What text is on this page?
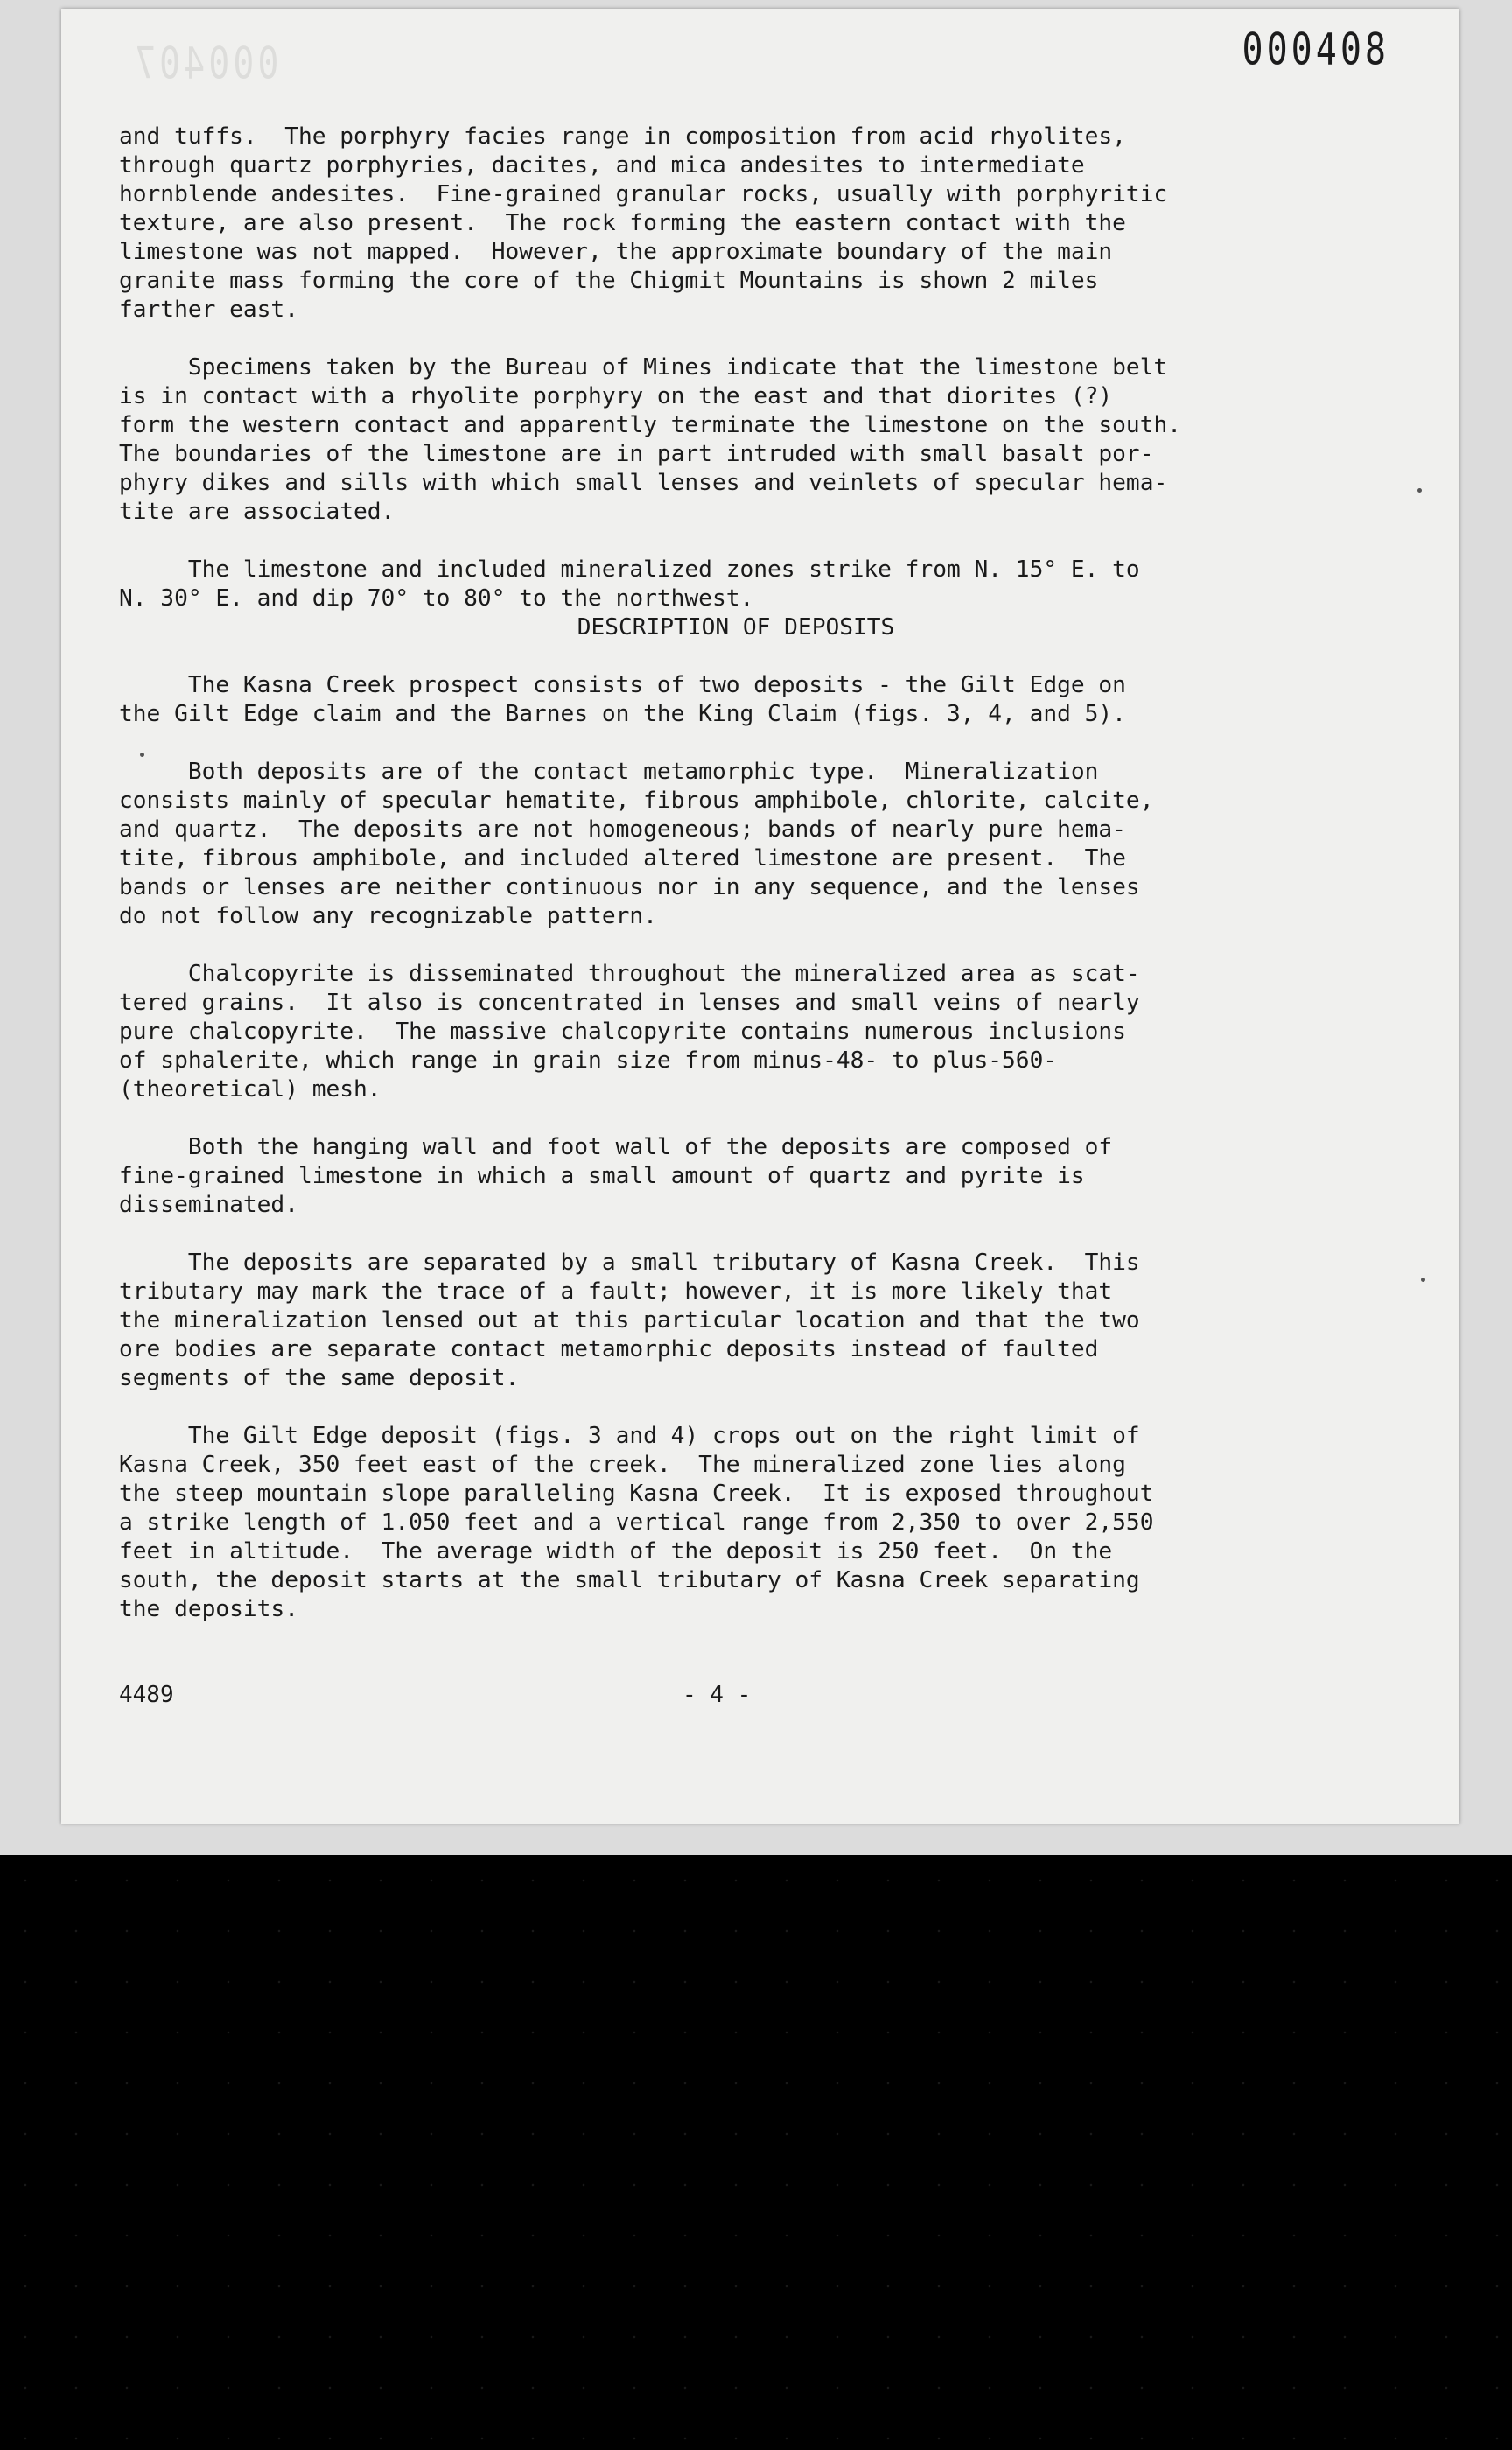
000407	000408
and tuffs.  The porphyry facies range in composition from acid rhyolites,
through quartz porphyries, dacites, and mica andesites to intermediate
hornblende andesites.  Fine-grained granular rocks, usually with porphyritic
texture, are also present.  The rock forming the eastern contact with the
limestone was not mapped.  However, the approximate boundary of the main
granite mass forming the core of the Chigmit Mountains is shown 2 miles
farther east.
Specimens taken by the Bureau of Mines indicate that the limestone belt
is in contact with a rhyolite porphyry on the east and that diorites (?)
form the western contact and apparently terminate the limestone on the south.
The boundaries of the limestone are in part intruded with small basalt por-
phyry dikes and sills with which small lenses and veinlets of specular hema-
tite are associated.
The limestone and included mineralized zones strike from N. 15° E. to
N. 30° E. and dip 70° to 80° to the northwest.
DESCRIPTION OF DEPOSITS
The Kasna Creek prospect consists of two deposits - the Gilt Edge on
the Gilt Edge claim and the Barnes on the King Claim (figs. 3, 4, and 5).
Both deposits are of the contact metamorphic type.  Mineralization
consists mainly of specular hematite, fibrous amphibole, chlorite, calcite,
and quartz.  The deposits are not homogeneous; bands of nearly pure hema-
tite, fibrous amphibole, and included altered limestone are present.  The
bands or lenses are neither continuous nor in any sequence, and the lenses
do not follow any recognizable pattern.
Chalcopyrite is disseminated throughout the mineralized area as scat-
tered grains.  It also is concentrated in lenses and small veins of nearly
pure chalcopyrite.  The massive chalcopyrite contains numerous inclusions
of sphalerite, which range in grain size from minus-48- to plus-560-
(theoretical) mesh.
Both the hanging wall and foot wall of the deposits are composed of
fine-grained limestone in which a small amount of quartz and pyrite is
disseminated.
The deposits are separated by a small tributary of Kasna Creek.  This
tributary may mark the trace of a fault; however, it is more likely that
the mineralization lensed out at this particular location and that the two
ore bodies are separate contact metamorphic deposits instead of faulted
segments of the same deposit.
The Gilt Edge deposit (figs. 3 and 4) crops out on the right limit of
Kasna Creek, 350 feet east of the creek.  The mineralized zone lies along
the steep mountain slope paralleling Kasna Creek.  It is exposed throughout
a strike length of 1.050 feet and a vertical range from 2,350 to over 2,550
feet in altitude.  The average width of the deposit is 250 feet.  On the
south, the deposit starts at the small tributary of Kasna Creek separating
the deposits.
4489	- 4 -
